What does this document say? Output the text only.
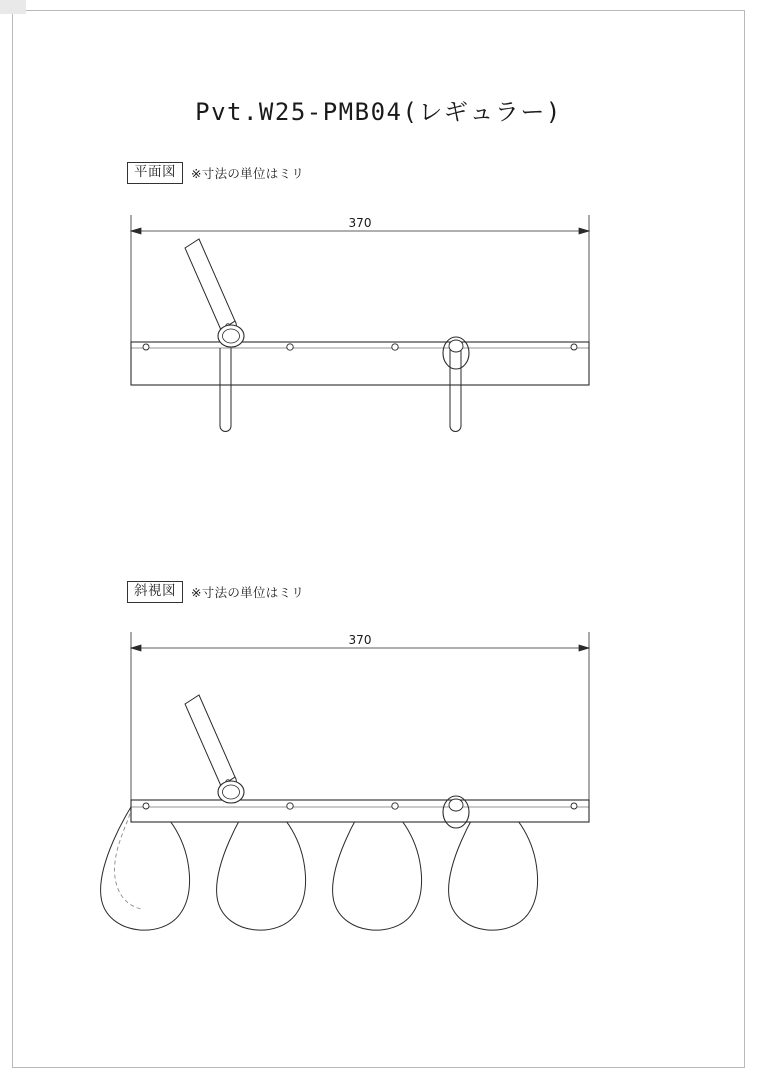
Pvt.W25-PMB04(レギュラー)
平面図	※寸法の単位はミリ
370
斜視図	※寸法の単位はミリ
370
